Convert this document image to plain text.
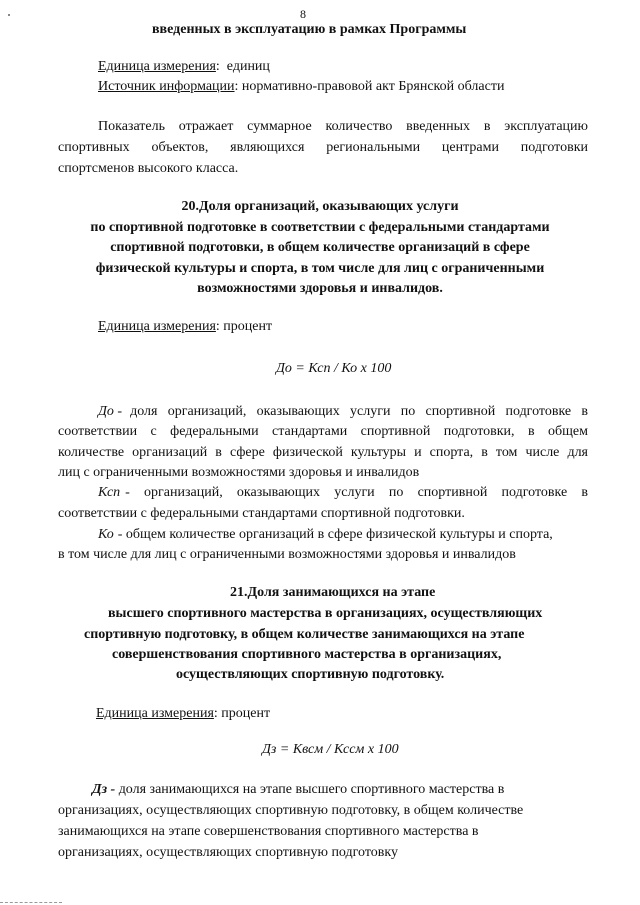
8
введенных в эксплуатацию в рамках Программы
Единица измерения:  единиц
Источник информации: нормативно-правовой акт Брянской области
Показатель отражает суммарное количество введенных в эксплуатацию
спортивных объектов, являющихся региональными центрами подготовки
спортсменов высокого класса.
20.Доля организаций, оказывающих услуги
по спортивной подготовке в соответствии с федеральными стандартами
спортивной подготовки, в общем количестве организаций в сфере
физической культуры и спорта, в том числе для лиц с ограниченными
возможностями здоровья и инвалидов.
Единица измерения: процент
До = Ксп / Ко х 100
До - доля организаций, оказывающих услуги по спортивной подготовке в
соответствии с федеральными стандартами спортивной подготовки, в общем
количестве организаций в сфере физической культуры и спорта, в том числе для
лиц с ограниченными возможностями здоровья и инвалидов
Ксп - организаций, оказывающих услуги по спортивной подготовке в
соответствии с федеральными стандартами спортивной подготовки.
Ко - общем количестве организаций в сфере физической культуры и спорта,
в том числе для лиц с ограниченными возможностями здоровья и инвалидов
21.Доля занимающихся на этапе
высшего спортивного мастерства в организациях, осуществляющих
спортивную подготовку, в общем количестве занимающихся на этапе
совершенствования спортивного мастерства в организациях,
осуществляющих спортивную подготовку.
Единица измерения: процент
Дз = Квсм / Кссм х 100
Дз - доля занимающихся на этапе высшего спортивного мастерства в
организациях, осуществляющих спортивную подготовку, в общем количестве
занимающихся на этапе совершенствования спортивного мастерства в
организациях, осуществляющих спортивную подготовку
